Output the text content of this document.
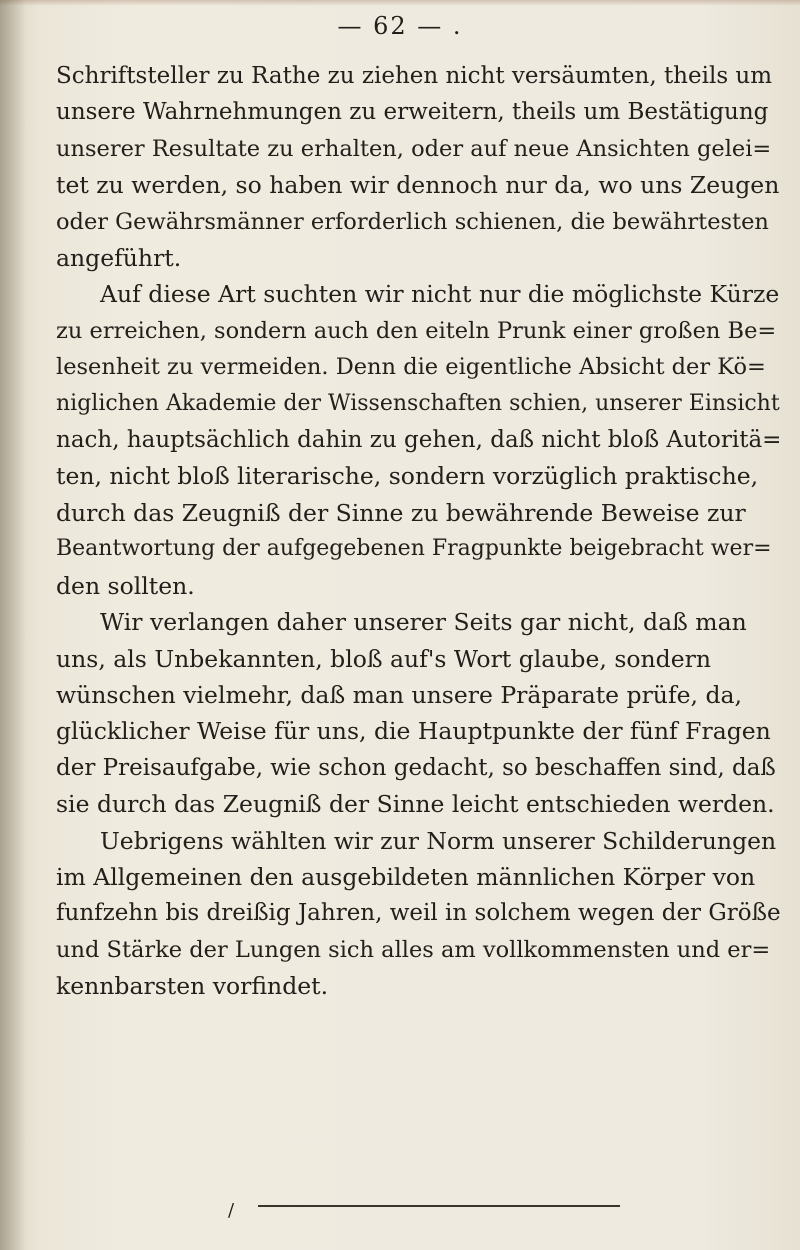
— 62 — .

Schriftsteller zu Rathe zu ziehen nicht versäumten, theils um
unsere Wahrnehmungen zu erweitern, theils um Bestätigung
unserer Resultate zu erhalten, oder auf neue Ansichten gelei=
tet zu werden, so haben wir dennoch nur da, wo uns Zeugen
oder Gewährsmänner erforderlich schienen, die bewährtesten
angeführt.

Auf diese Art suchten wir nicht nur die möglichste Kürze
zu erreichen, sondern auch den eiteln Prunk einer großen Be=
lesenheit zu vermeiden. Denn die eigentliche Absicht der Kö=
niglichen Akademie der Wissenschaften schien, unserer Einsicht
nach, hauptsächlich dahin zu gehen, daß nicht bloß Autoritä=
ten, nicht bloß literarische, sondern vorzüglich praktische,
durch das Zeugniß der Sinne zu bewährende Beweise zur
Beantwortung der aufgegebenen Fragpunkte beigebracht wer=
den sollten.

Wir verlangen daher unserer Seits gar nicht, daß man
uns, als Unbekannten, bloß auf's Wort glaube, sondern
wünschen vielmehr, daß man unsere Präparate prüfe, da,
glücklicher Weise für uns, die Hauptpunkte der fünf Fragen
der Preisaufgabe, wie schon gedacht, so beschaffen sind, daß
sie durch das Zeugniß der Sinne leicht entschieden werden.

Uebrigens wählten wir zur Norm unserer Schilderungen
im Allgemeinen den ausgebildeten männlichen Körper von
funfzehn bis dreißig Jahren, weil in solchem wegen der Größe
und Stärke der Lungen sich alles am vollkommensten und er=
kennbarsten vorfindet.

/
